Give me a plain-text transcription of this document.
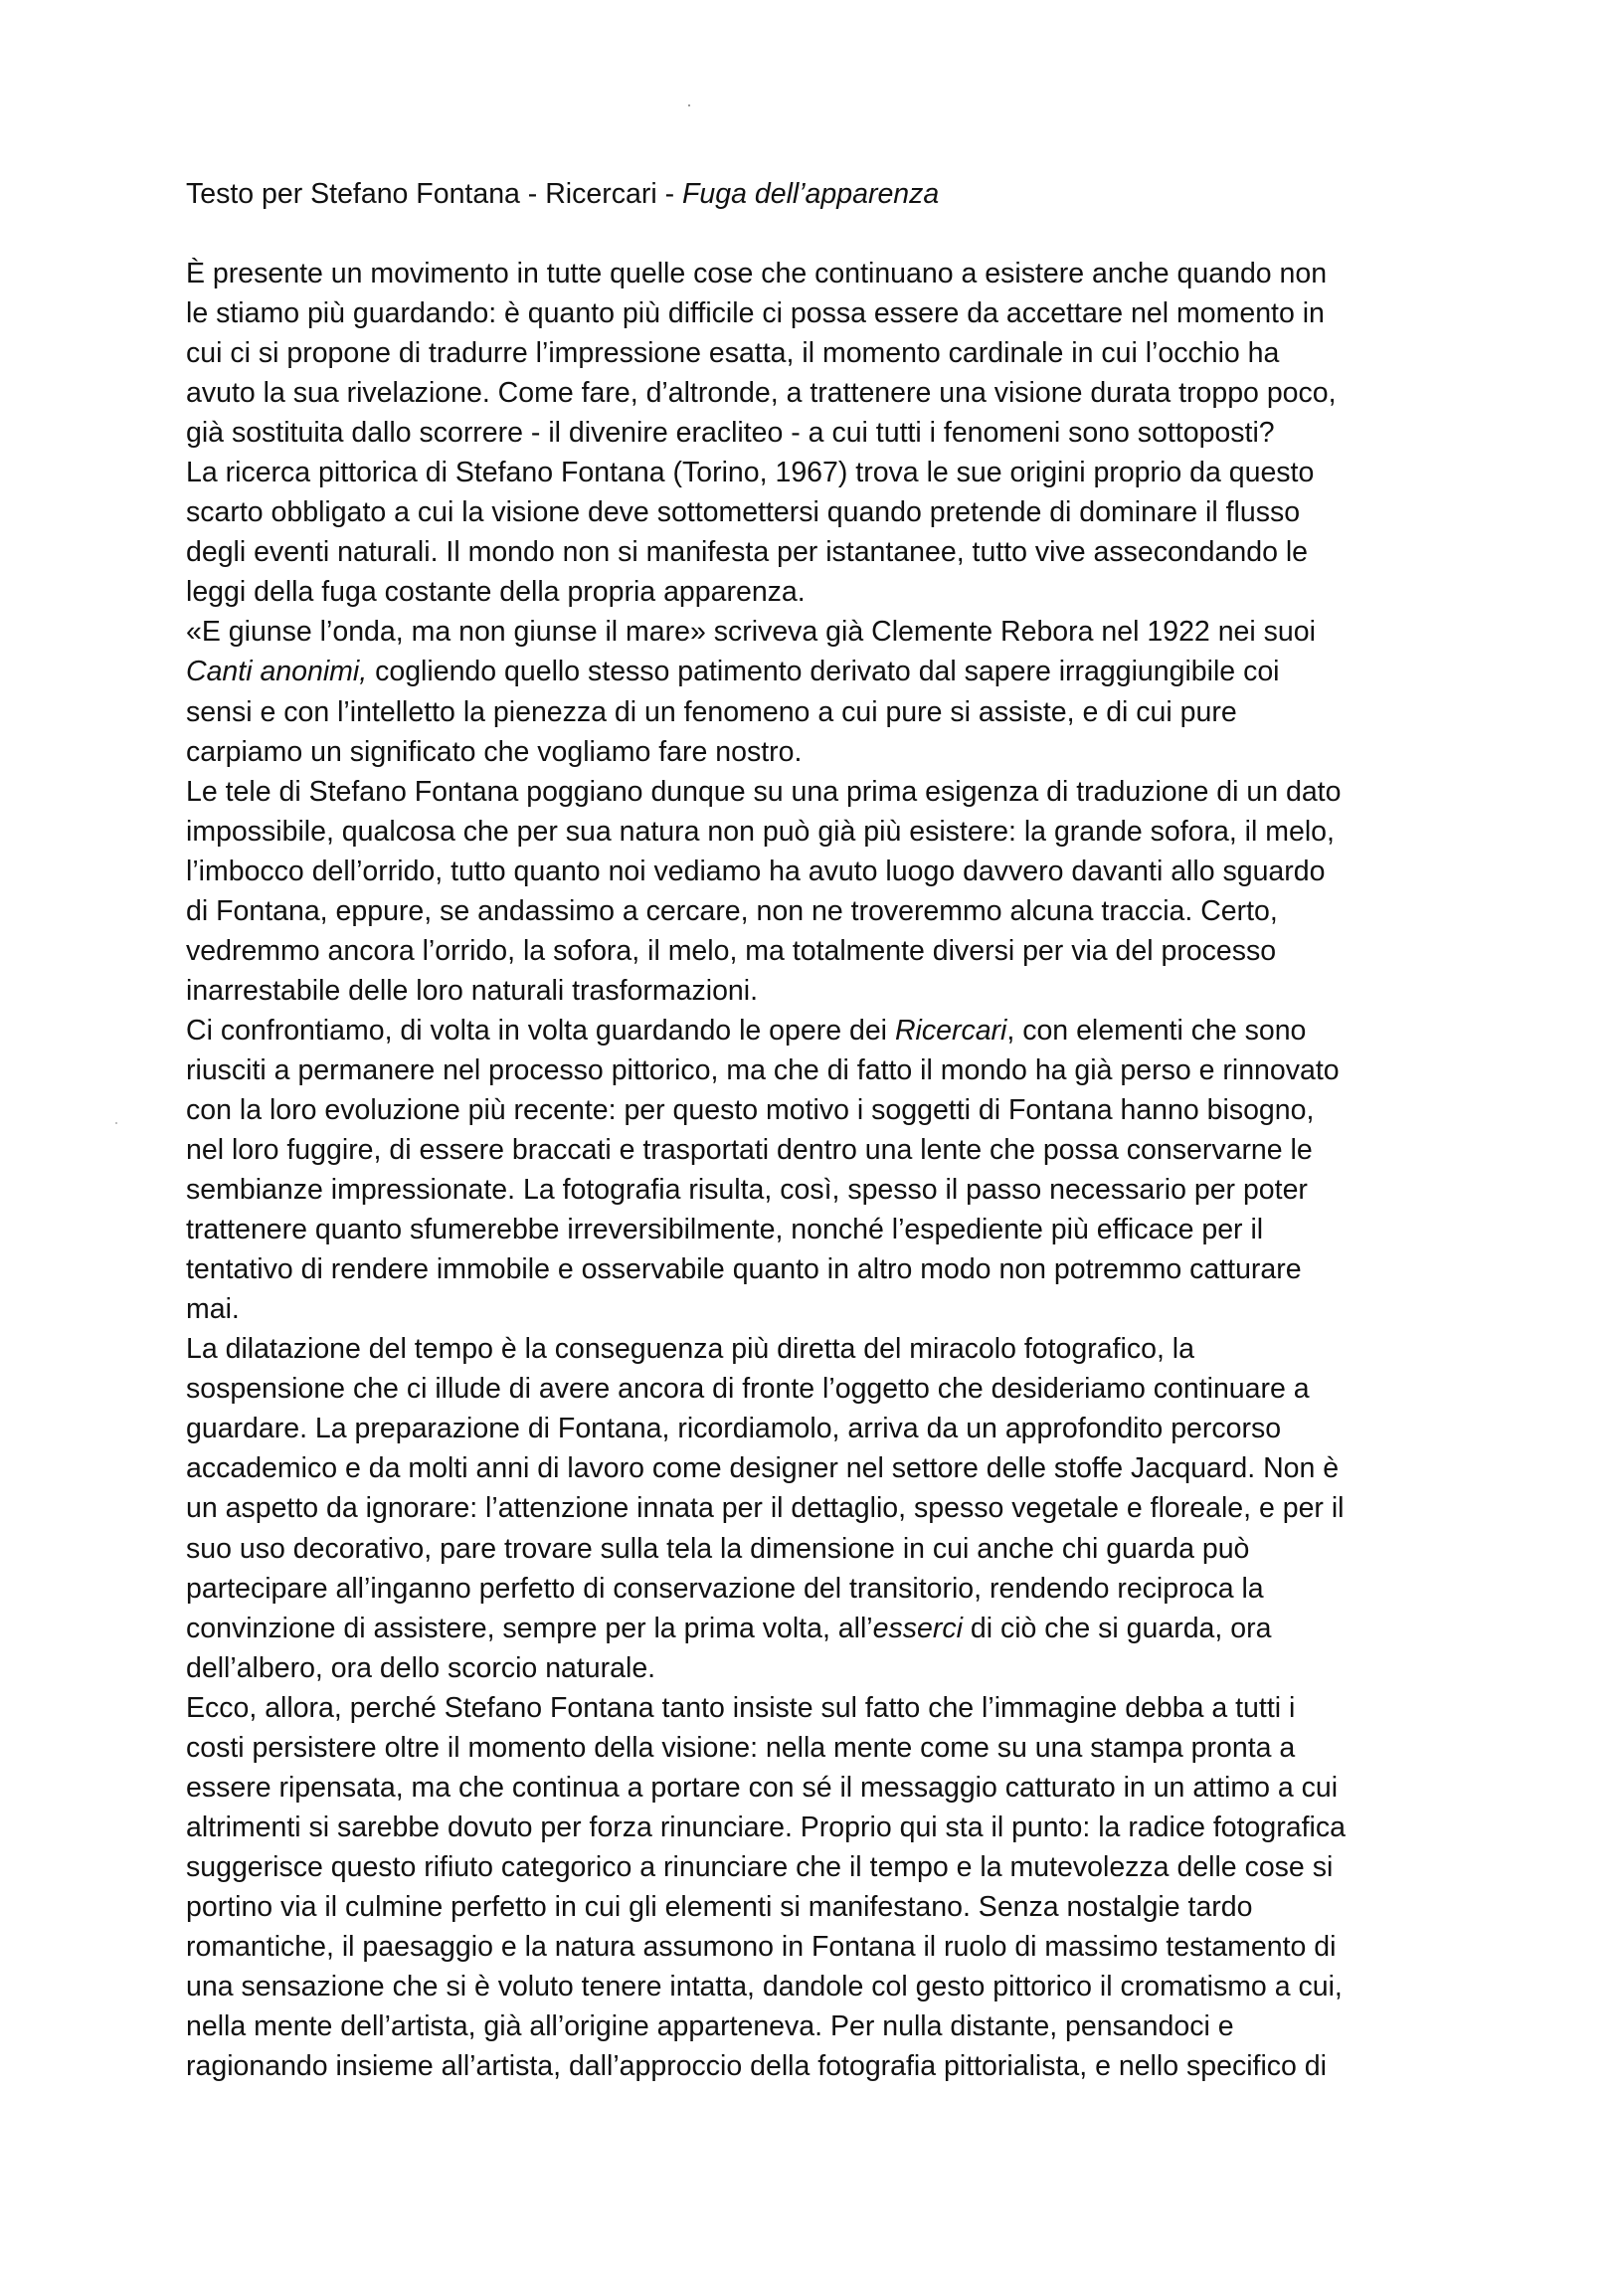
Testo per Stefano Fontana - Ricercari - Fuga dell’apparenza
È presente un movimento in tutte quelle cose che continuano a esistere anche quando non
le stiamo più guardando: è quanto più difficile ci possa essere da accettare nel momento in
cui ci si propone di tradurre l’impressione esatta, il momento cardinale in cui l’occhio ha
avuto la sua rivelazione. Come fare, d’altronde, a trattenere una visione durata troppo poco,
già sostituita dallo scorrere - il divenire eracliteo - a cui tutti i fenomeni sono sottoposti?
La ricerca pittorica di Stefano Fontana (Torino, 1967) trova le sue origini proprio da questo
scarto obbligato a cui la visione deve sottomettersi quando pretende di dominare il flusso
degli eventi naturali. Il mondo non si manifesta per istantanee, tutto vive assecondando le
leggi della fuga costante della propria apparenza.
«E giunse l’onda, ma non giunse il mare» scriveva già Clemente Rebora nel 1922 nei suoi
Canti anonimi, cogliendo quello stesso patimento derivato dal sapere irraggiungibile coi
sensi e con l’intelletto la pienezza di un fenomeno a cui pure si assiste, e di cui pure
carpiamo un significato che vogliamo fare nostro.
Le tele di Stefano Fontana poggiano dunque su una prima esigenza di traduzione di un dato
impossibile, qualcosa che per sua natura non può già più esistere: la grande sofora, il melo,
l’imbocco dell’orrido, tutto quanto noi vediamo ha avuto luogo davvero davanti allo sguardo
di Fontana, eppure, se andassimo a cercare, non ne troveremmo alcuna traccia. Certo,
vedremmo ancora l’orrido, la sofora, il melo, ma totalmente diversi per via del processo
inarrestabile delle loro naturali trasformazioni.
Ci confrontiamo, di volta in volta guardando le opere dei Ricercari, con elementi che sono
riusciti a permanere nel processo pittorico, ma che di fatto il mondo ha già perso e rinnovato
con la loro evoluzione più recente: per questo motivo i soggetti di Fontana hanno bisogno,
nel loro fuggire, di essere braccati e trasportati dentro una lente che possa conservarne le
sembianze impressionate. La fotografia risulta, così, spesso il passo necessario per poter
trattenere quanto sfumerebbe irreversibilmente, nonché l’espediente più efficace per il
tentativo di rendere immobile e osservabile quanto in altro modo non potremmo catturare
mai.
La dilatazione del tempo è la conseguenza più diretta del miracolo fotografico, la
sospensione che ci illude di avere ancora di fronte l’oggetto che desideriamo continuare a
guardare. La preparazione di Fontana, ricordiamolo, arriva da un approfondito percorso
accademico e da molti anni di lavoro come designer nel settore delle stoffe Jacquard. Non è
un aspetto da ignorare: l’attenzione innata per il dettaglio, spesso vegetale e floreale, e per il
suo uso decorativo, pare trovare sulla tela la dimensione in cui anche chi guarda può
partecipare all’inganno perfetto di conservazione del transitorio, rendendo reciproca la
convinzione di assistere, sempre per la prima volta, all’esserci di ciò che si guarda, ora
dell’albero, ora dello scorcio naturale.
Ecco, allora, perché Stefano Fontana tanto insiste sul fatto che l’immagine debba a tutti i
costi persistere oltre il momento della visione: nella mente come su una stampa pronta a
essere ripensata, ma che continua a portare con sé il messaggio catturato in un attimo a cui
altrimenti si sarebbe dovuto per forza rinunciare. Proprio qui sta il punto: la radice fotografica
suggerisce questo rifiuto categorico a rinunciare che il tempo e la mutevolezza delle cose si
portino via il culmine perfetto in cui gli elementi si manifestano. Senza nostalgie tardo
romantiche, il paesaggio e la natura assumono in Fontana il ruolo di massimo testamento di
una sensazione che si è voluto tenere intatta, dandole col gesto pittorico il cromatismo a cui,
nella mente dell’artista, già all’origine apparteneva. Per nulla distante, pensandoci e
ragionando insieme all’artista, dall’approccio della fotografia pittorialista, e nello specifico di
